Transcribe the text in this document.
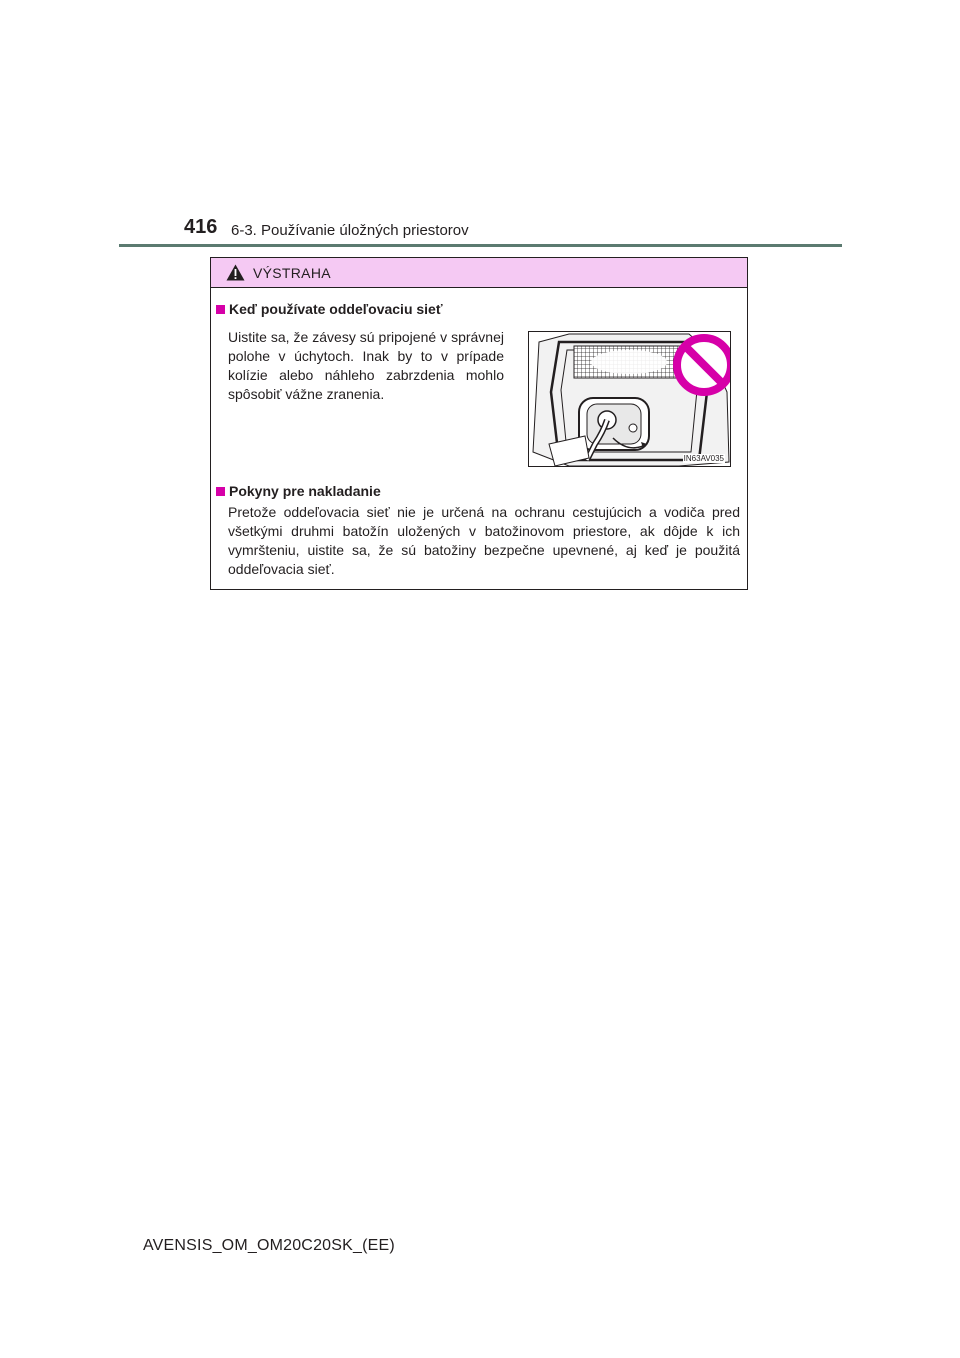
416 6-3. Používanie úložných priestorov
VÝSTRAHA
Keď používate oddeľovaciu sieť
Uistite sa, že závesy sú pripojené v správnej polohe v úchytoch. Inak by to v prípade kolízie alebo náhleho zabrzdenia mohlo spôsobiť vážne zranenia.
IN63AV035
Pokyny pre nakladanie
Pretože oddeľovacia sieť nie je určená na ochranu cestujúcich a vodiča pred všetkými druhmi batožín uložených v batožinovom priestore, ak dôjde k ich vymršteniu, uistite sa, že sú batožiny bezpečne upevnené, aj keď je použitá oddeľovacia sieť.
AVENSIS_OM_OM20C20SK_(EE)
